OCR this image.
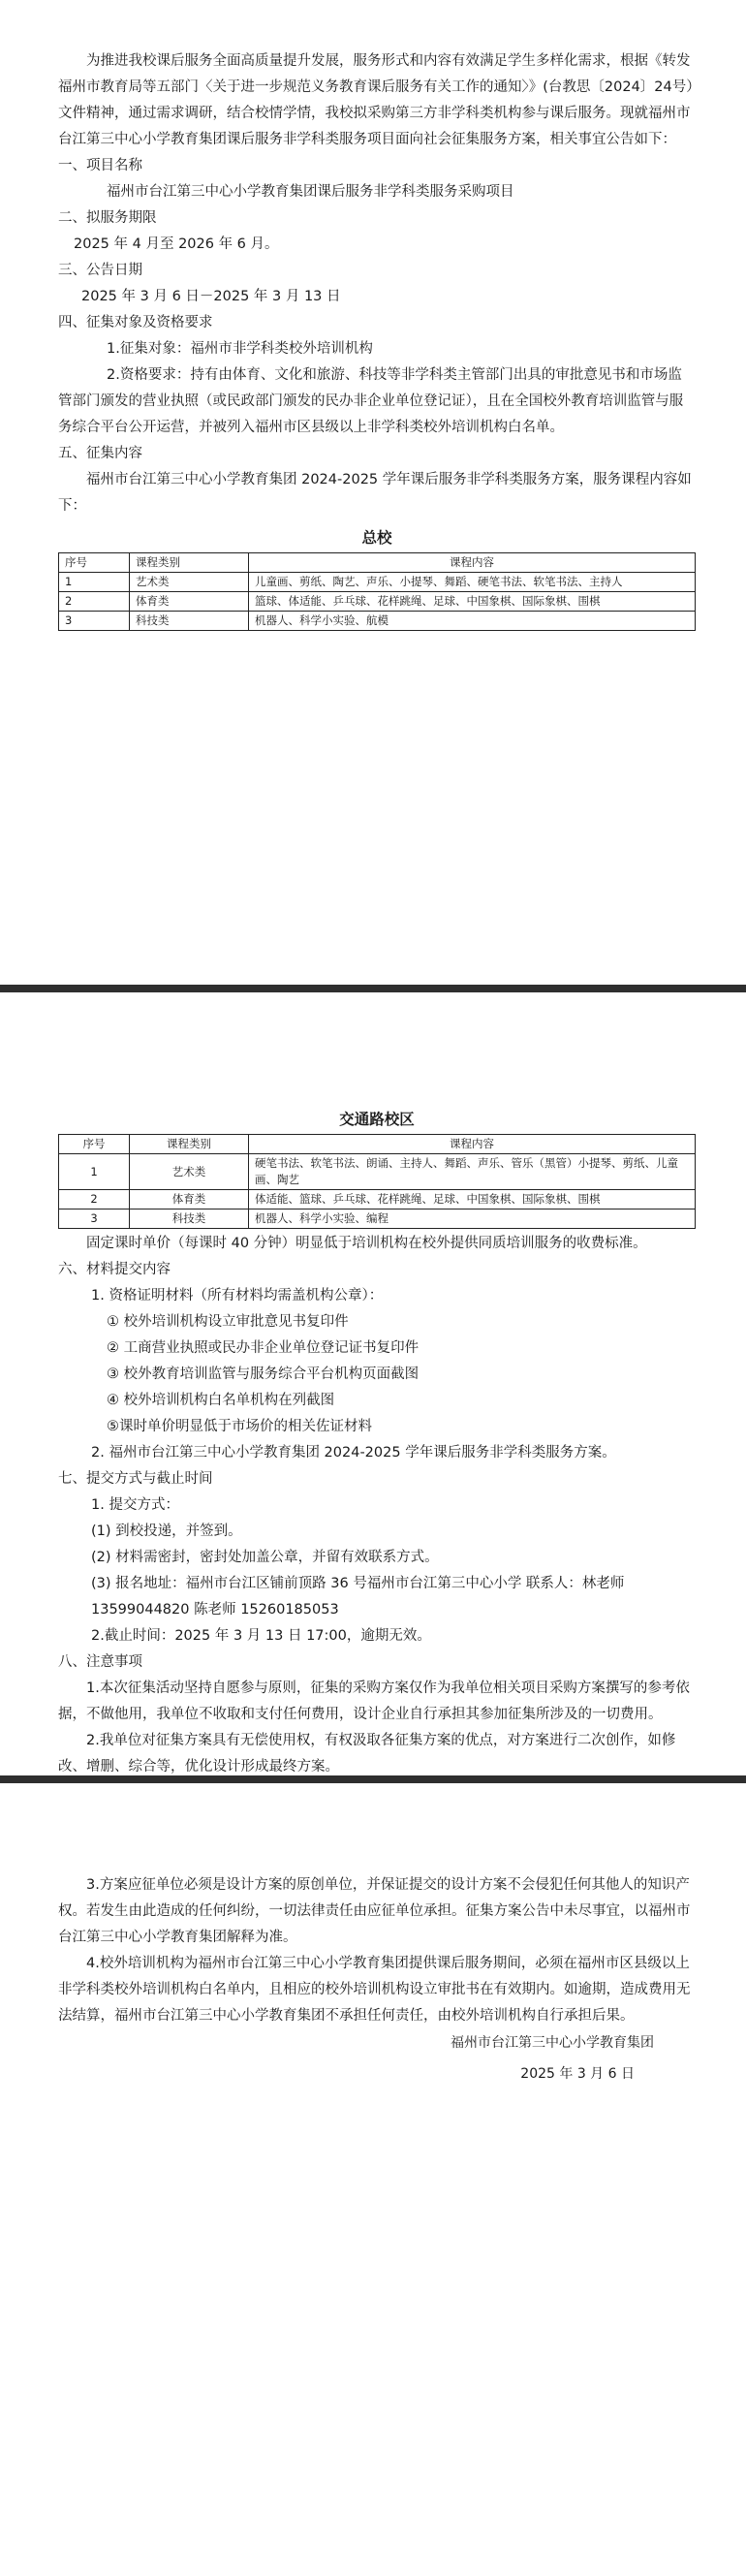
为推进我校课后服务全面高质量提升发展，服务形式和内容有效满足学生多样化需求，根据《转发福州市教育局等五部门〈关于进一步规范义务教育课后服务有关工作的通知〉》(台教思〔2024〕24号）文件精神，通过需求调研，结合校情学情，我校拟采购第三方非学科类机构参与课后服务。现就福州市台江第三中心小学教育集团课后服务非学科类服务项目面向社会征集服务方案，相关事宜公告如下：

一、项目名称

福州市台江第三中心小学教育集团课后服务非学科类服务采购项目

二、拟服务期限

2025 年 4 月至 2026 年 6 月。

三、公告日期

2025 年 3 月 6 日－2025 年 3 月 13 日

四、征集对象及资格要求

1.征集对象：福州市非学科类校外培训机构

2.资格要求：持有由体育、文化和旅游、科技等非学科类主管部门出具的审批意见书和市场监管部门颁发的营业执照（或民政部门颁发的民办非企业单位登记证），且在全国校外教育培训监管与服务综合平台公开运营，并被列入福州市区县级以上非学科类校外培训机构白名单。

五、征集内容

福州市台江第三中心小学教育集团 2024-2025 学年课后服务非学科类服务方案，服务课程内容如下：

总校
序号	课程类别	课程内容
1	艺术类	儿童画、剪纸、陶艺、声乐、小提琴、舞蹈、硬笔书法、软笔书法、主持人
2	体育类	篮球、体适能、乒乓球、花样跳绳、足球、中国象棋、国际象棋、围棋
3	科技类	机器人、科学小实验、航模
交通路校区
序号	课程类别	课程内容
1	艺术类	硬笔书法、软笔书法、朗诵、主持人、舞蹈、声乐、管乐（黑管）小提琴、剪纸、儿童画、陶艺
2	体育类	体适能、篮球、乒乓球、花样跳绳、足球、中国象棋、国际象棋、围棋
3	科技类	机器人、科学小实验、编程

固定课时单价（每课时 40 分钟）明显低于培训机构在校外提供同质培训服务的收费标准。

六、材料提交内容

1. 资格证明材料（所有材料均需盖机构公章）：

① 校外培训机构设立审批意见书复印件

② 工商营业执照或民办非企业单位登记证书复印件

③ 校外教育培训监管与服务综合平台机构页面截图

④ 校外培训机构白名单机构在列截图

⑤课时单价明显低于市场价的相关佐证材料

2. 福州市台江第三中心小学教育集团 2024-2025 学年课后服务非学科类服务方案。

七、提交方式与截止时间

1. 提交方式：

(1) 到校投递，并签到。

(2) 材料需密封，密封处加盖公章，并留有效联系方式。

(3) 报名地址：福州市台江区铺前顶路 36 号福州市台江第三中心小学 联系人：林老师 13599044820 陈老师 15260185053

2.截止时间：2025 年 3 月 13 日 17:00，逾期无效。

八、注意事项

1.本次征集活动坚持自愿参与原则，征集的采购方案仅作为我单位相关项目采购方案撰写的参考依据，不做他用，我单位不收取和支付任何费用，设计企业自行承担其参加征集所涉及的一切费用。

2.我单位对征集方案具有无偿使用权，有权汲取各征集方案的优点，对方案进行二次创作，如修改、增删、综合等，优化设计形成最终方案。

3.方案应征单位必须是设计方案的原创单位，并保证提交的设计方案不会侵犯任何其他人的知识产权。若发生由此造成的任何纠纷，一切法律责任由应征单位承担。征集方案公告中未尽事宜，以福州市台江第三中心小学教育集团解释为准。

4.校外培训机构为福州市台江第三中心小学教育集团提供课后服务期间，必须在福州市区县级以上非学科类校外培训机构白名单内，且相应的校外培训机构设立审批书在有效期内。如逾期，造成费用无法结算，福州市台江第三中心小学教育集团不承担任何责任，由校外培训机构自行承担后果。

福州市台江第三中心小学教育集团
2025 年 3 月 6 日
